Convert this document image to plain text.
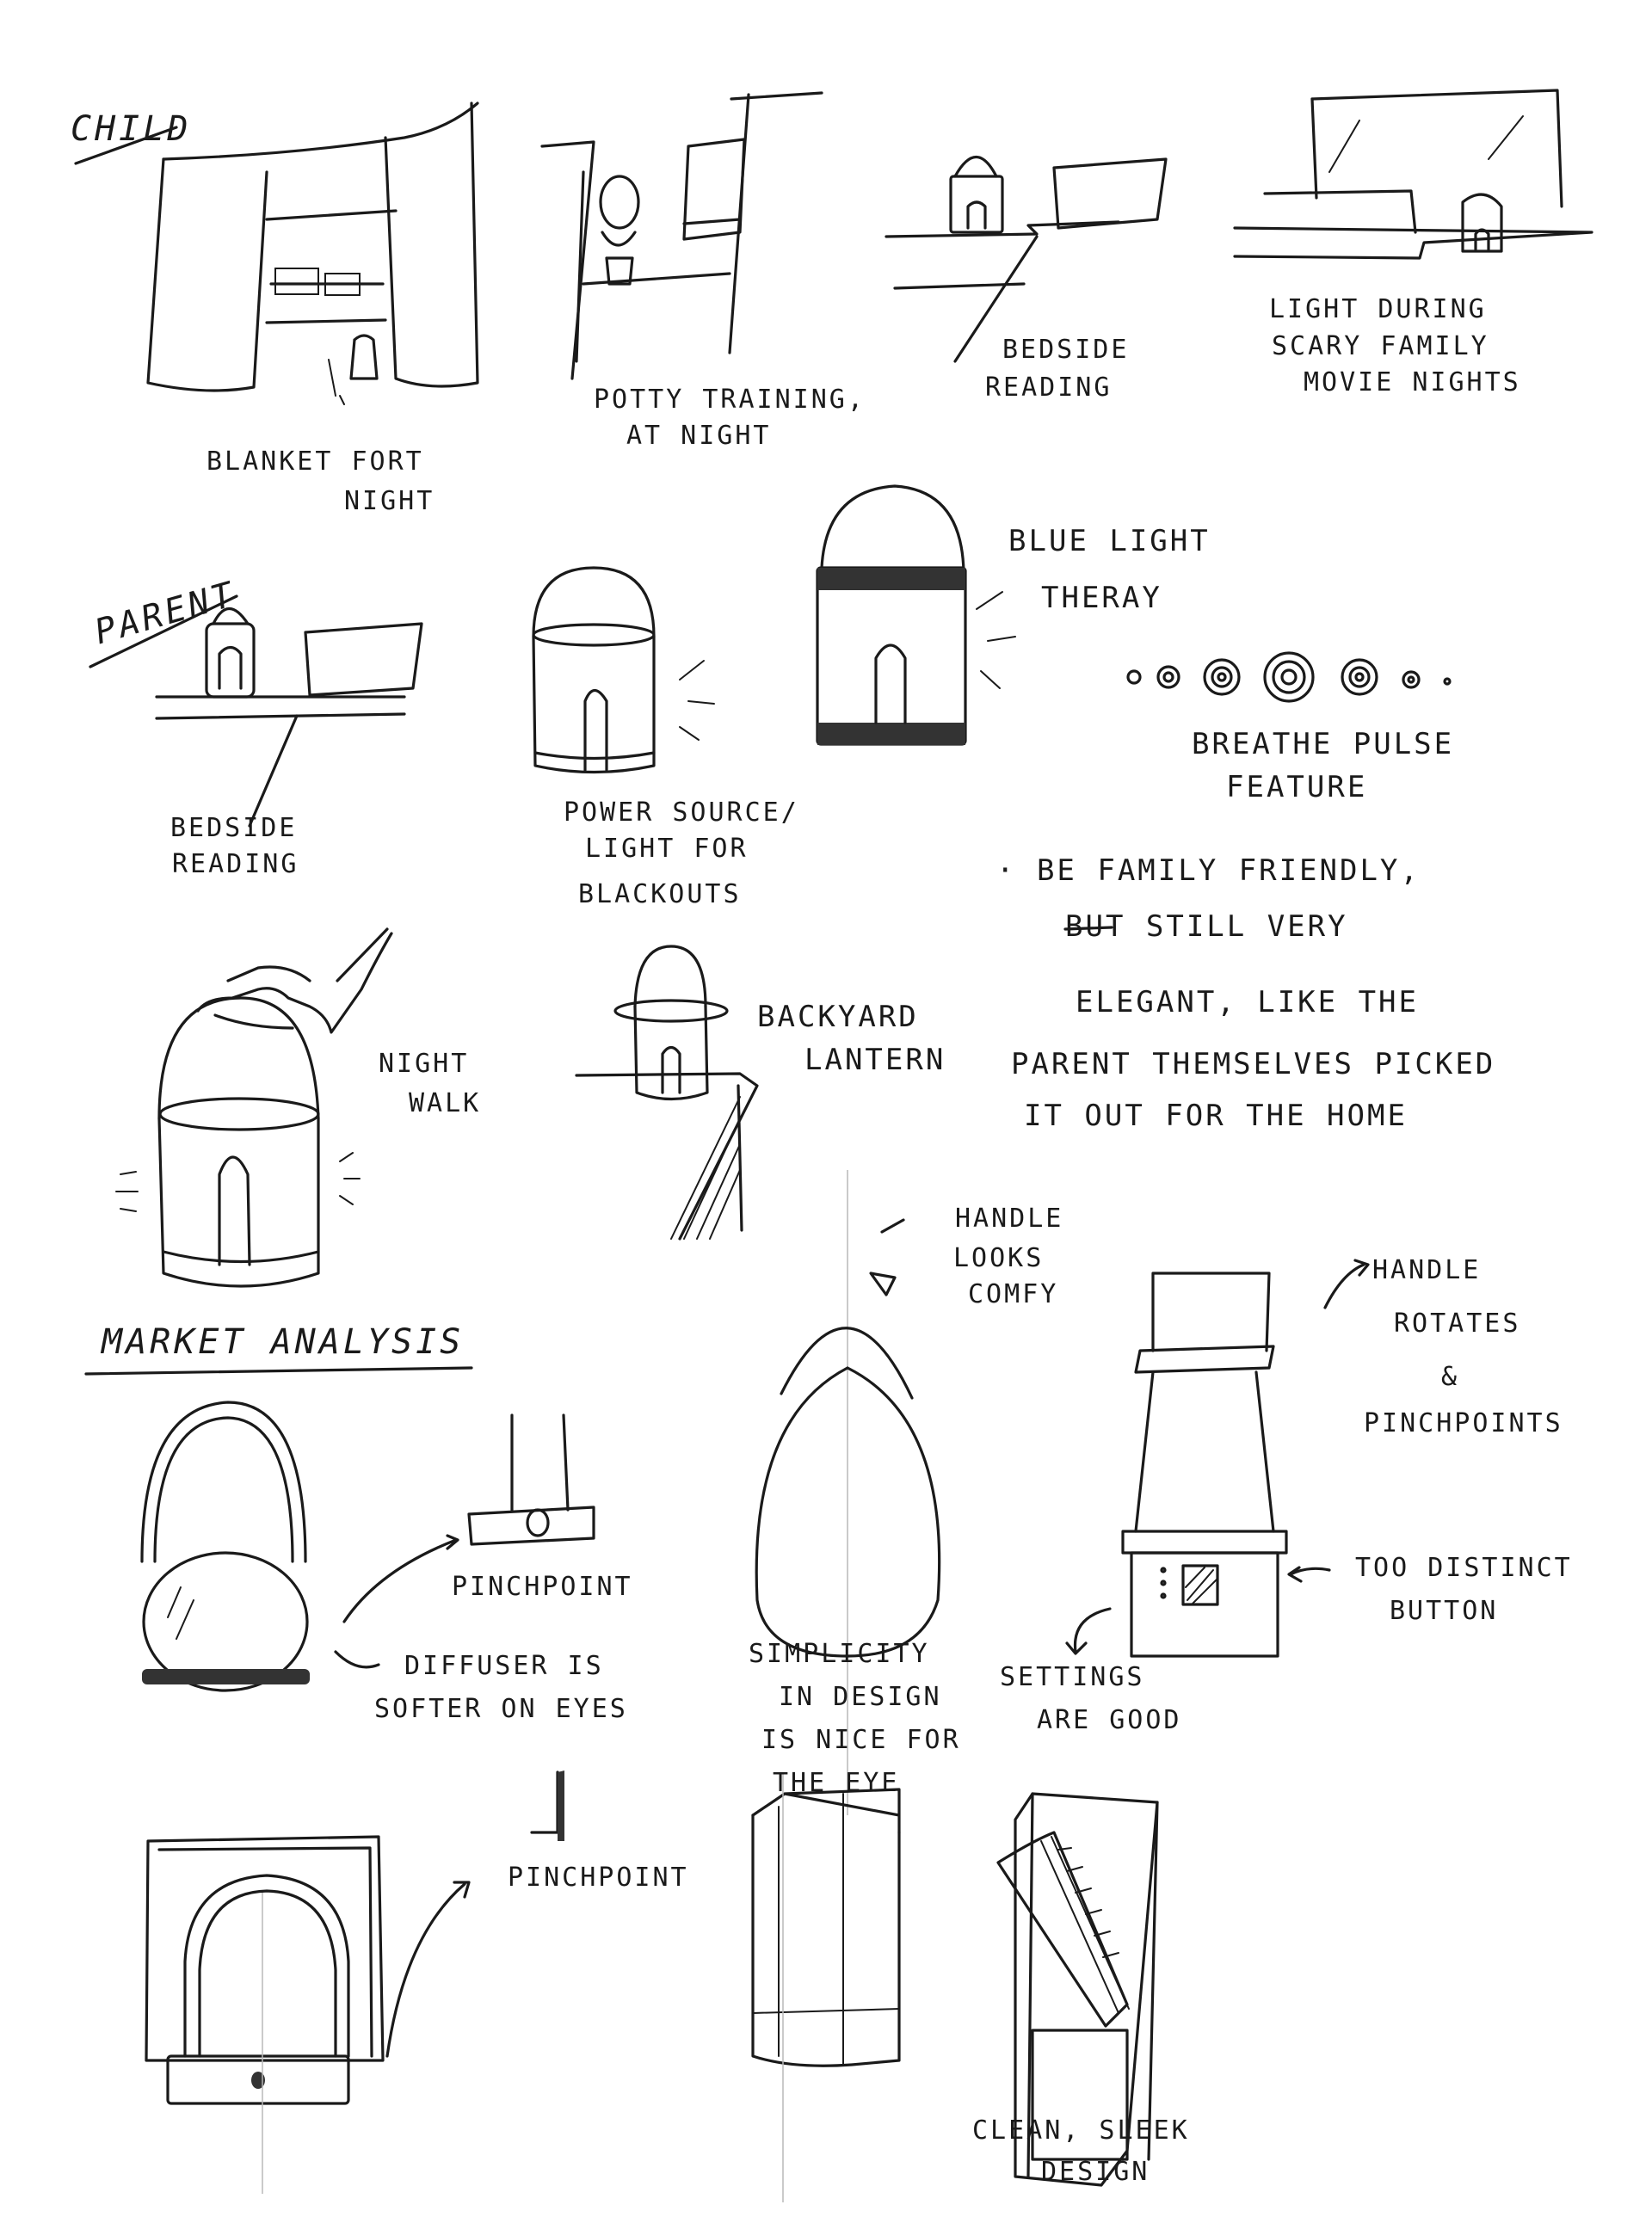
CHILD
PARENT
MARKET ANALYSIS
BLANKET FORT
NIGHT
POTTY TRAINING,
AT NIGHT
BEDSIDE
READING
LIGHT DURING
SCARY FAMILY
MOVIE NIGHTS
BEDSIDE
READING
POWER SOURCE/
LIGHT FOR
BLACKOUTS
BLUE LIGHT
THERAY
BREATHE PULSE
FEATURE
· BE FAMILY FRIENDLY,
BUT STILL VERY
ELEGANT, LIKE THE
PARENT THEMSELVES PICKED
IT OUT FOR THE HOME
NIGHT
WALK
BACKYARD
LANTERN
HANDLE
LOOKS
COMFY
HANDLE
ROTATES
&
PINCHPOINTS
PINCHPOINT
DIFFUSER IS
SOFTER ON EYES
SIMPLICITY
IN DESIGN
IS NICE FOR
THE EYE
SETTINGS
ARE GOOD
TOO DISTINCT
BUTTON
PINCHPOINT
CLEAN, SLEEK
DESIGN
